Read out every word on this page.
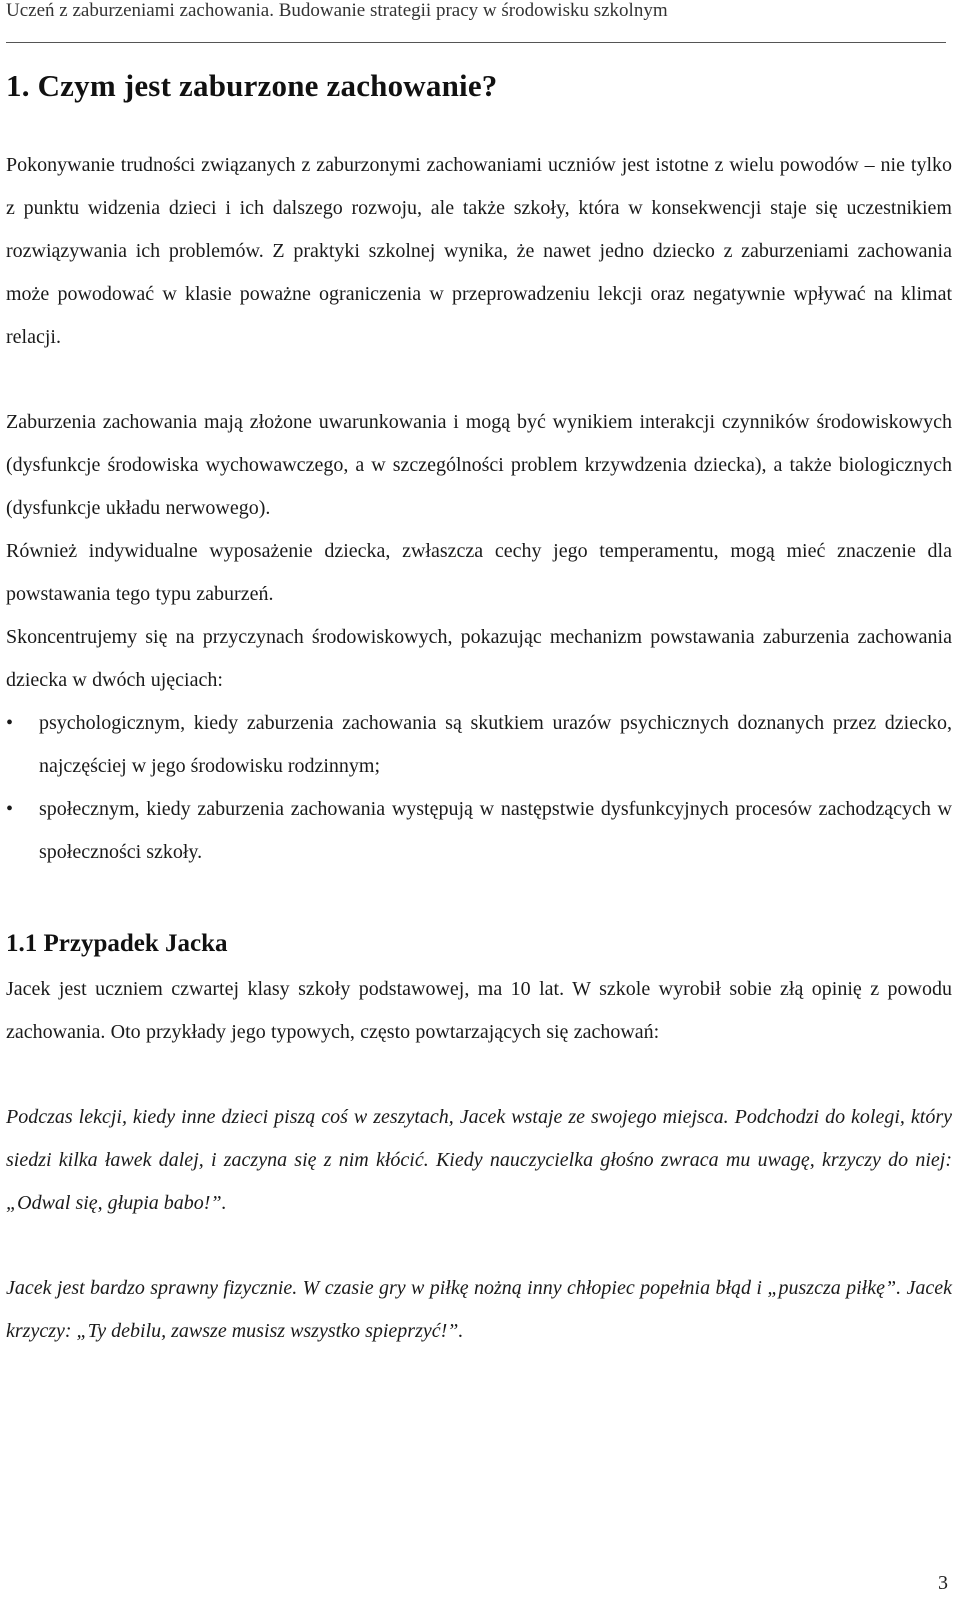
Uczeń z zaburzeniami zachowania. Budowanie strategii pracy w środowisku szkolnym
1. Czym jest zaburzone zachowanie?

Pokonywanie trudności związanych z zaburzonymi zachowaniami uczniów jest istotne z wielu powodów – nie tylko z punktu widzenia dzieci i ich dalszego rozwoju, ale także szkoły, która w konsekwencji staje się uczestnikiem rozwiązywania ich problemów. Z praktyki szkolnej wynika, że nawet jedno dziecko z zaburzeniami zachowania może powodować w klasie poważne ograniczenia w przeprowadzeniu lekcji oraz negatywnie wpływać na klimat relacji.

Zaburzenia zachowania mają złożone uwarunkowania i mogą być wynikiem interakcji czynników środowiskowych (dysfunkcje środowiska wychowawczego, a w szczególności problem krzywdzenia dziecka), a także biologicznych (dysfunkcje układu nerwowego).

Również indywidualne wyposażenie dziecka, zwłaszcza cechy jego temperamentu, mogą mieć znaczenie dla powstawania tego typu zaburzeń.

Skoncentrujemy się na przyczynach środowiskowych, pokazując mechanizm powstawania zaburzenia zachowania dziecka w dwóch ujęciach:

• psychologicznym, kiedy zaburzenia zachowania są skutkiem urazów psychicznych doznanych przez dziecko, najczęściej w jego środowisku rodzinnym;
• społecznym, kiedy zaburzenia zachowania występują w następstwie dysfunkcyjnych procesów zachodzących w społeczności szkoły.
1.1 Przypadek Jacka

Jacek jest uczniem czwartej klasy szkoły podstawowej, ma 10 lat. W szkole wyrobił sobie złą opinię z powodu zachowania. Oto przykłady jego typowych, często powtarzających się zachowań:

Podczas lekcji, kiedy inne dzieci piszą coś w zeszytach, Jacek wstaje ze swojego miejsca. Podchodzi do kolegi, który siedzi kilka ławek dalej, i zaczyna się z nim kłócić. Kiedy nauczycielka głośno zwraca mu uwagę, krzyczy do niej: „Odwal się, głupia babo!”.

Jacek jest bardzo sprawny fizycznie. W czasie gry w piłkę nożną inny chłopiec popełnia błąd i „puszcza piłkę”. Jacek krzyczy: „Ty debilu, zawsze musisz wszystko spieprzyć!”.

3
